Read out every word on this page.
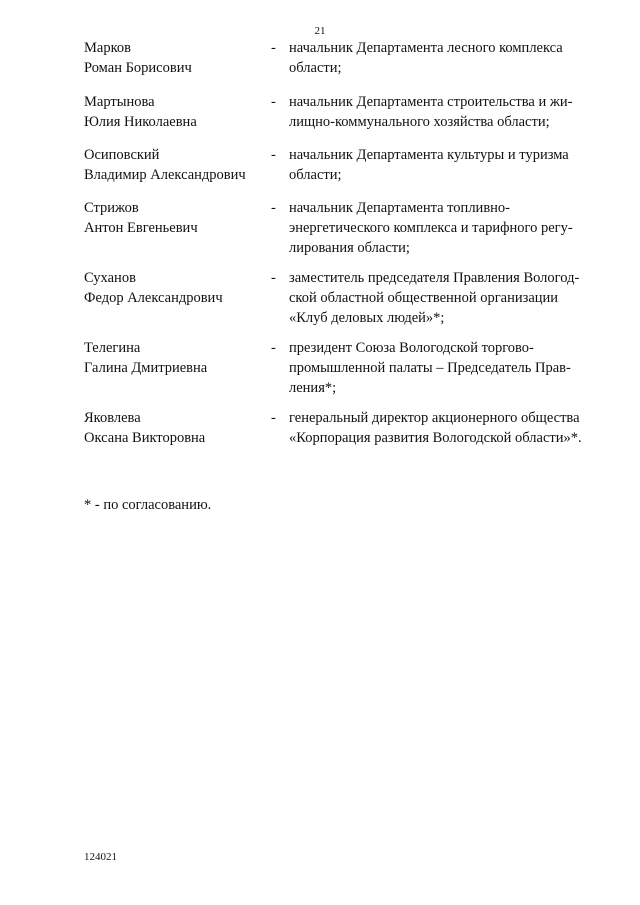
21
Марков
Роман Борисович
- начальник Департамента лесного комплекса
области;
Мартынова
Юлия Николаевна
- начальник Департамента строительства и жи-
лищно-коммунального хозяйства области;
Осиповский
Владимир Александрович
- начальник Департамента культуры и туризма
области;
Стрижов
Антон Евгеньевич
- начальник Департамента топливно-
энергетического комплекса и тарифного регу-
лирования области;
Суханов
Федор Александрович
- заместитель председателя Правления Вологод-
ской областной общественной организации
«Клуб деловых людей»*;
Телегина
Галина Дмитриевна
- президент Союза Вологодской торгово-
промышленной палаты – Председатель Прав-
ления*;
Яковлева
Оксана Викторовна
- генеральный директор акционерного общества
«Корпорация развития Вологодской области»*.
* - по согласованию.
124021
